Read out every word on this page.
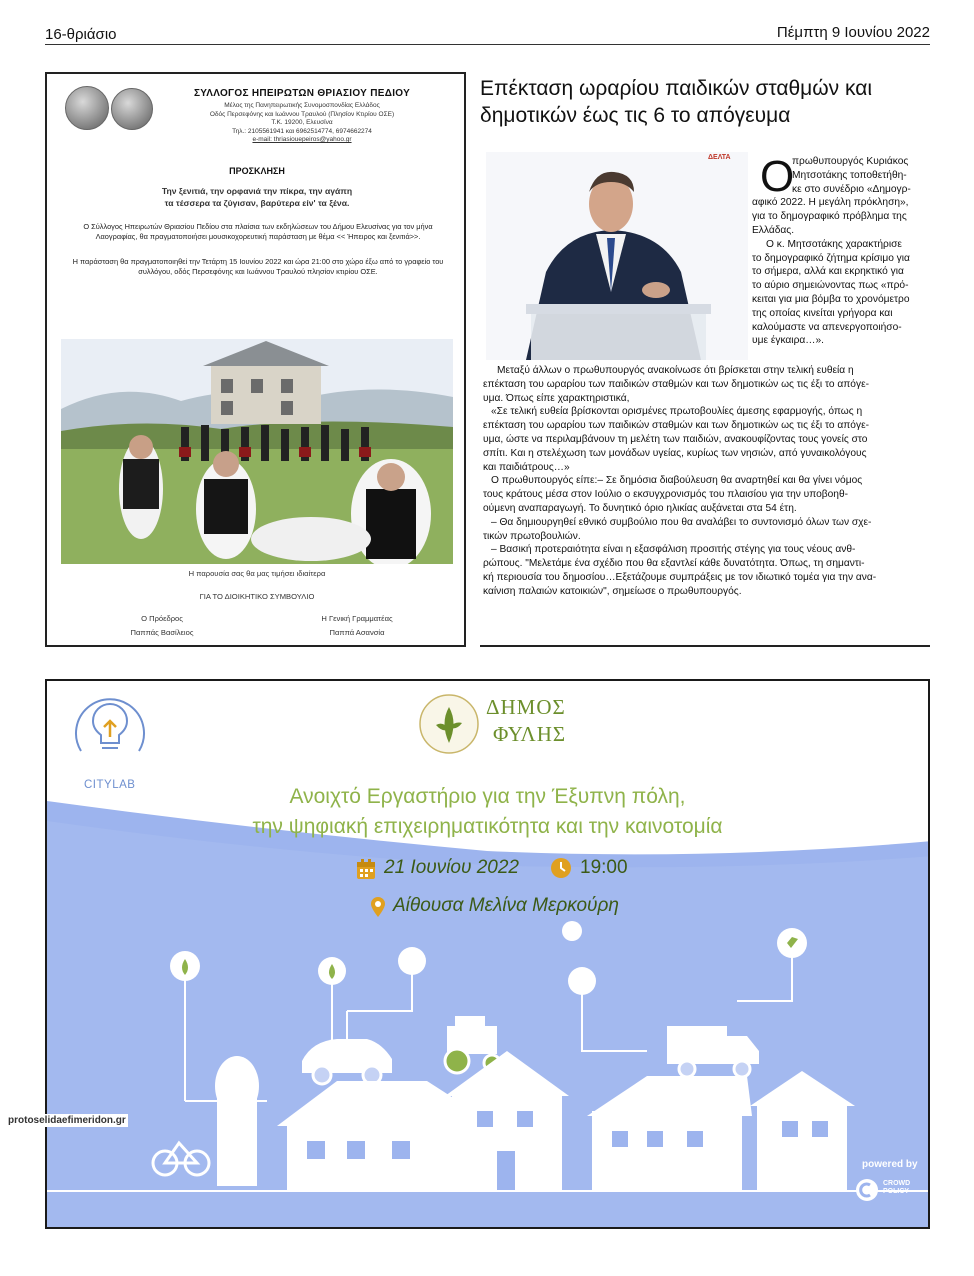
16-θριάσιο	Πέμπτη 9 Ιουνίου 2022
ΣΥΛΛΟΓΟΣ ΗΠΕΙΡΩΤΩΝ ΘΡΙΑΣΙΟΥ ΠΕΔΙΟΥ
Μέλος της Πανηπειρωτικής Συνομοσπονδίας Ελλάδος
Οδός Περσεφόνης και Ιωάννου Τραυλού (Πλησίον Κτιρίου ΟΣΕ)
Τ.Κ. 19200, Ελευσίνα
Τηλ.: 2105561941 και 6962514774, 6974662274
e-mail: thriasiouepeiros@yahoo.gr
ΠΡΟΣΚΛΗΣΗ
Την ξενιτιά, την ορφανιά την πίκρα, την αγάπη
τα τέσσερα τα ζύγισαν, βαρύτερα είν' τα ξένα.
Ο Σύλλογος Ηπειρωτών Θριασίου Πεδίου στα πλαίσια των εκδηλώσεων του Δήμου Ελευσίνας για τον μήνα Λαογραφίας, θα πραγματοποιήσει μουσικοχορευτική παράσταση με θέμα << Ήπειρος και ξενιτιά>>.
Η παράσταση θα πραγματοποιηθεί την Τετάρτη 15 Ιουνίου 2022 και ώρα 21:00 στο χώρο έξω από το γραφείο του συλλόγου, οδός Περσεφόνης και Ιωάννου Τραυλού πλησίον κτιρίου ΟΣΕ.
Η παρουσία σας θα μας τιμήσει ιδιαίτερα
ΓΙΑ ΤΟ ΔΙΟΙΚΗΤΙΚΟ ΣΥΜΒΟΥΛΙΟ
Ο Πρόεδρος
Παππάς Βασίλειος
Η Γενική Γραμματέας
Παππά Ασανσία
Επέκταση ωραρίου παιδικών σταθμών και
δημοτικών έως τις 6 το απόγευμα
ΔΕΛΤΑ Ο
πρωθυπουργός Κυριάκος
Μητσοτάκης τοποθετήθη-
κε στο συνέδριο «Δημογρ-
αφικό 2022. Η μεγάλη πρόκληση»,
για το δημογραφικό πρόβλημα της
Ελλάδας.
Ο κ. Μητσοτάκης χαρακτήρισε
το δημογραφικό ζήτημα κρίσιμο για
το σήμερα, αλλά και εκρηκτικό για
το αύριο σημειώνοντας πως «πρό-
κειται για μια βόμβα το χρονόμετρο
της οποίας κινείται γρήγορα και
καλούμαστε να απενεργοποιήσο-
υμε έγκαιρα…».
Μεταξύ άλλων ο πρωθυπουργός ανακοίνωσε ότι βρίσκεται στην τελική ευθεία η
επέκταση του ωραρίου των παιδικών σταθμών και των δημοτικών ως τις έξι το απόγε-
υμα. Όπως είπε χαρακτηριστικά,
«Σε τελική ευθεία βρίσκονται ορισμένες πρωτοβουλίες άμεσης εφαρμογής, όπως η
επέκταση του ωραρίου των παιδικών σταθμών και των δημοτικών ως τις έξι το απόγε-
υμα, ώστε να περιλαμβάνουν τη μελέτη των παιδιών, ανακουφίζοντας τους γονείς στο
σπίτι. Και η στελέχωση των μονάδων υγείας, κυρίως των νησιών, από γυναικολόγους
και παιδιάτρους…»
Ο πρωθυπουργός είπε:– Σε δημόσια διαβούλευση θα αναρτηθεί και θα γίνει νόμος
τους κράτους μέσα στον Ιούλιο ο εκσυγχρονισμός του πλαισίου για την υποβοηθ-
ούμενη αναπαραγωγή. Το δυνητικό όριο ηλικίας αυξάνεται στα 54 έτη.
– Θα δημιουργηθεί εθνικό συμβούλιο που θα αναλάβει το συντονισμό όλων των σχε-
τικών πρωτοβουλιών.
– Βασική προτεραιότητα είναι η εξασφάλιση προσιτής στέγης για τους νέους ανθ-
ρώπους. "Μελετάμε ένα σχέδιο που θα εξαντλεί κάθε δυνατότητα. Όπως, τη σημαντι-
κή περιουσία του δημοσίου…Εξετάζουμε συμπράξεις με τον ιδιωτικό τομέα για την ανα-
καίνιση παλαιών κατοικιών", σημείωσε ο πρωθυπουργός.
CITYLAB
ΔΗΜΟΣ
ΦΥΛΗΣ
Ανοιχτό Εργαστήριο για την Έξυπνη πόλη,
την ψηφιακή επιχειρηματικότητα και την καινοτομία
21 Ιουνίου 2022	19:00
Αίθουσα Μελίνα Μερκούρη
powered by
CROWD
POLICY
protoselidaefimeridon.gr
